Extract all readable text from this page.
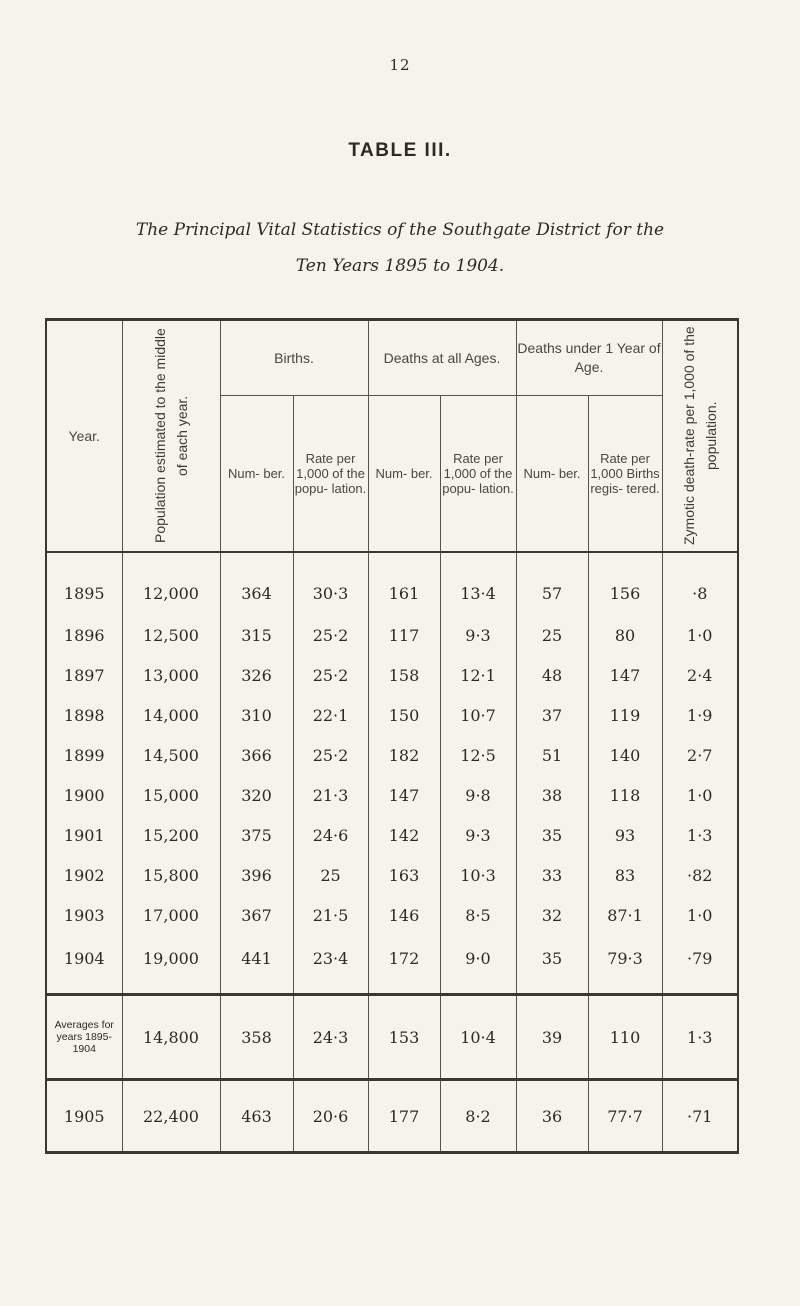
12
TABLE III.
The Principal Vital Statistics of the Southgate District for the
Ten Years 1895 to 1904.
Year.	Population estimated to the middle of each year.	Births.		Deaths at all Ages.		Deaths under 1 Year of Age.		Zymotic death-rate per 1,000 of the population.

		Num- ber.	Rate per 1,000 of the popu- lation.	Num- ber.	Rate per 1,000 of the popu- lation.	Num- ber.	Rate per 1,000 Births regis- tered.	
1895	12,000	364	30·3	161	13·4	57	156	·8
1896	12,500	315	25·2	117	9·3	25	80	1·0
1897	13,000	326	25·2	158	12·1	48	147	2·4
1898	14,000	310	22·1	150	10·7	37	119	1·9
1899	14,500	366	25·2	182	12·5	51	140	2·7
1900	15,000	320	21·3	147	9·8	38	118	1·0
1901	15,200	375	24·6	142	9·3	35	93	1·3
1902	15,800	396	25	163	10·3	33	83	·82
1903	17,000	367	21·5	146	8·5	32	87·1	1·0
1904	19,000	441	23·4	172	9·0	35	79·3	·79
Averages for years 1895-1904	14,800	358	24·3	153	10·4	39	110	1·3
1905	22,400	463	20·6	177	8·2	36	77·7	·71
